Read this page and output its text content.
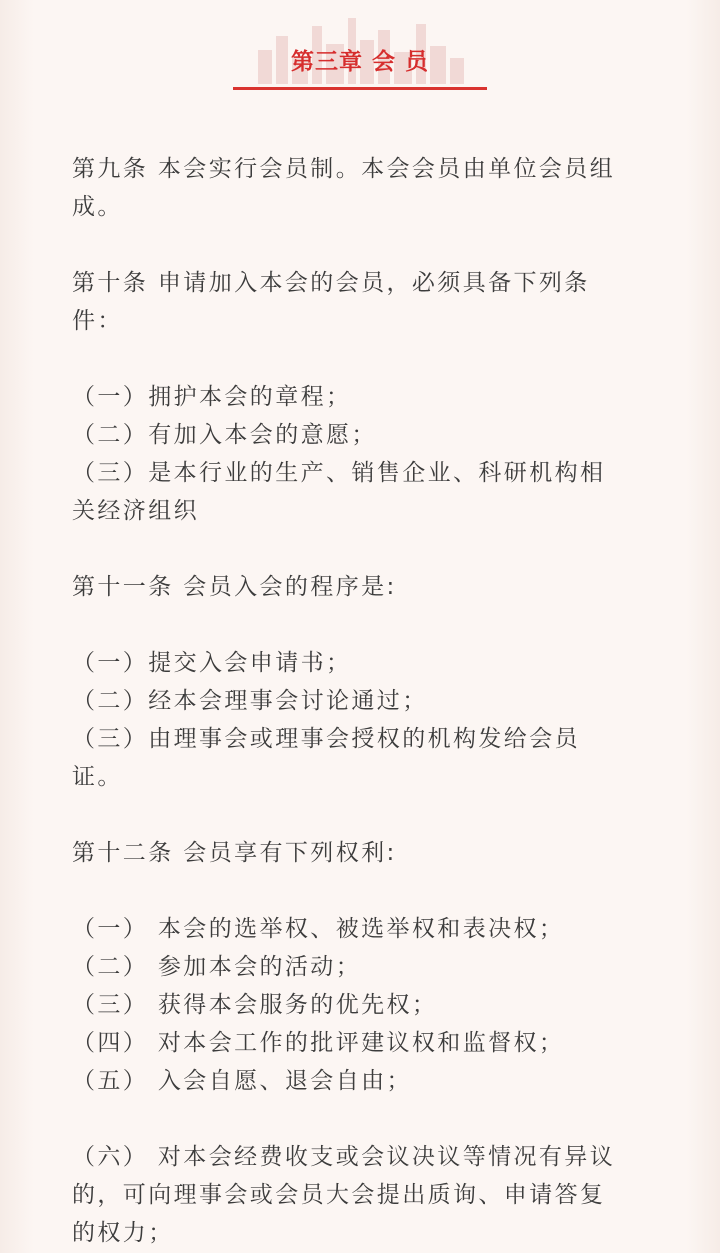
第三章 会 员

第九条 本会实行会员制。本会会员由单位会员组

成。

第十条 申请加入本会的会员，必须具备下列条

件：

（一）拥护本会的章程；

（二）有加入本会的意愿；

（三）是本行业的生产、销售企业、科研机构相

关经济组织

第十一条 会员入会的程序是:

（一）提交入会申请书；

（二）经本会理事会讨论通过；

（三）由理事会或理事会授权的机构发给会员

证。

第十二条 会员享有下列权利:

（一） 本会的选举权、被选举权和表决权；

（二） 参加本会的活动；

（三） 获得本会服务的优先权；

（四） 对本会工作的批评建议权和监督权；

（五） 入会自愿、退会自由；

（六） 对本会经费收支或会议决议等情况有异议

的，可向理事会或会员大会提出质询、申请答复

的权力；
